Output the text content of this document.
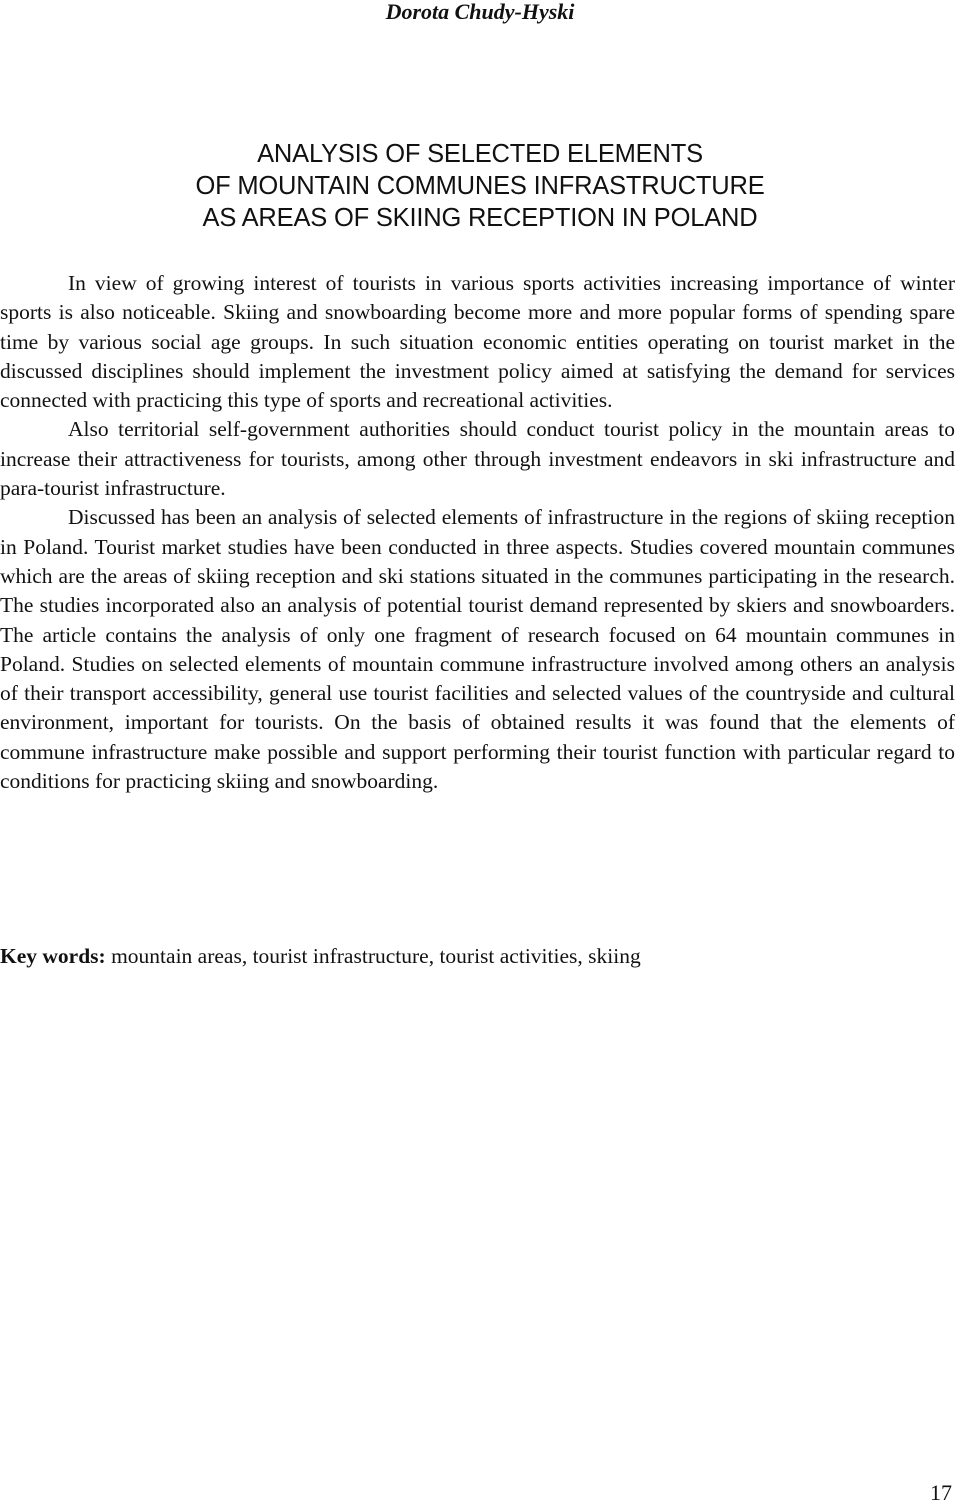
Dorota Chudy-Hyski
ANALYSIS OF SELECTED ELEMENTS
OF MOUNTAIN COMMUNES INFRASTRUCTURE
AS AREAS OF SKIING RECEPTION IN POLAND

In view of growing interest of tourists in various sports activities increasing importance of winter sports is also noticeable. Skiing and snowboarding become more and more popular forms of spending spare time by various social age groups. In such situation economic entities operating on tourist market in the discussed disciplines should implement the investment policy aimed at satisfying the demand for services connected with practicing this type of sports and recreational activities.

Also territorial self-government authorities should conduct tourist policy in the mountain areas to increase their attractiveness for tourists, among other through investment endeavors in ski infrastructure and para-tourist infrastructure.

Discussed has been an analysis of selected elements of infrastructure in the regions of skiing reception in Poland. Tourist market studies have been conducted in three aspects. Studies covered mountain communes which are the areas of skiing reception and ski stations situated in the communes participating in the research. The studies incorporated also an analysis of potential tourist demand represented by skiers and snowboarders. The article contains the analysis of only one fragment of research focused on 64 mountain communes in Poland. Studies on selected elements of mountain commune infrastructure involved among others an analysis of their transport accessibility, general use tourist facilities and selected values of the countryside and cultural environment, important for tourists. On the basis of obtained results it was found that the elements of commune infrastructure make possible and support performing their tourist function with particular regard to conditions for practicing skiing and snowboarding.

Key words: mountain areas, tourist infrastructure, tourist activities, skiing
17
